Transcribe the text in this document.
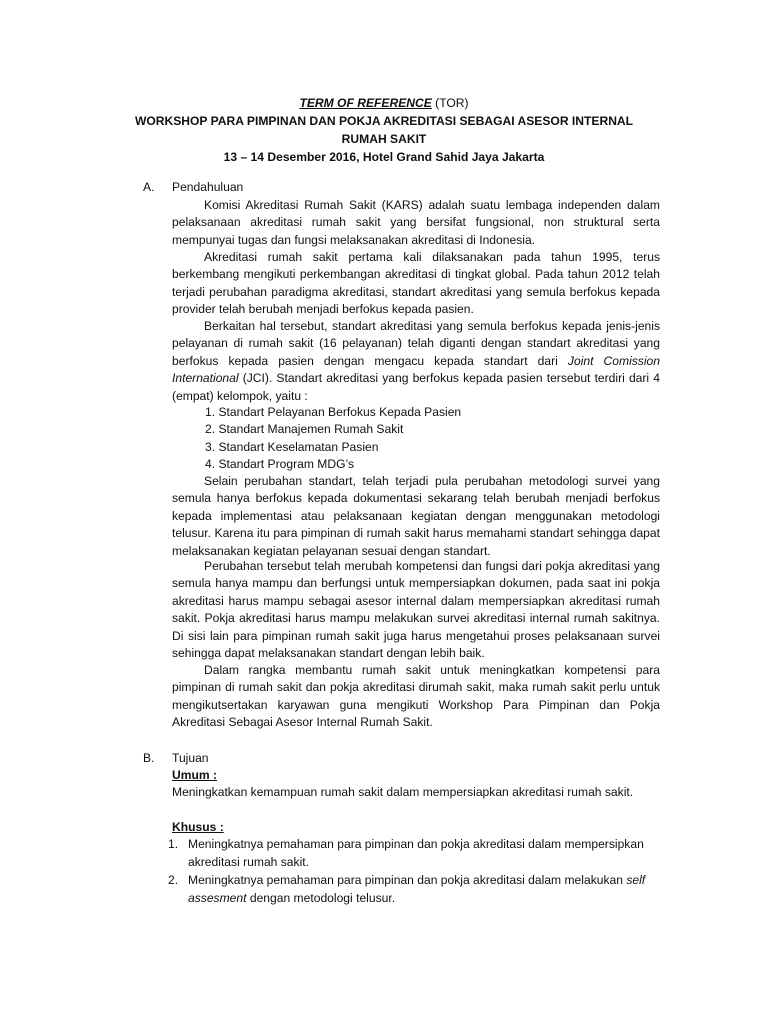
TERM OF REFERENCE (TOR)
WORKSHOP PARA PIMPINAN DAN POKJA AKREDITASI SEBAGAI ASESOR INTERNAL
RUMAH SAKIT
13 – 14 Desember 2016, Hotel Grand Sahid Jaya Jakarta
A. Pendahuluan
Komisi Akreditasi Rumah Sakit (KARS) adalah suatu lembaga independen dalam pelaksanaan akreditasi rumah sakit yang bersifat fungsional, non struktural serta mempunyai tugas dan fungsi melaksanakan akreditasi di Indonesia.
Akreditasi rumah sakit pertama kali dilaksanakan pada tahun 1995, terus berkembang mengikuti perkembangan akreditasi di tingkat global. Pada tahun 2012 telah terjadi perubahan paradigma akreditasi, standart akreditasi yang semula berfokus kepada provider telah berubah menjadi berfokus kepada pasien.
Berkaitan hal tersebut, standart akreditasi yang semula berfokus kepada jenis-jenis pelayanan di rumah sakit (16 pelayanan) telah diganti dengan standart akreditasi yang berfokus kepada pasien dengan mengacu kepada standart dari Joint Comission International (JCI). Standart akreditasi yang berfokus kepada pasien tersebut terdiri dari 4 (empat) kelompok, yaitu :
1. Standart Pelayanan Berfokus Kepada Pasien
2. Standart Manajemen Rumah Sakit
3. Standart Keselamatan Pasien
4. Standart Program MDG’s
Selain perubahan standart, telah terjadi pula perubahan metodologi survei yang semula hanya berfokus kepada dokumentasi sekarang telah berubah menjadi berfokus kepada implementasi atau pelaksanaan kegiatan dengan menggunakan metodologi telusur. Karena itu para pimpinan di rumah sakit harus memahami standart sehingga dapat melaksanakan kegiatan pelayanan sesuai dengan standart.
Perubahan tersebut telah merubah kompetensi dan fungsi dari pokja akreditasi yang semula hanya mampu dan berfungsi untuk mempersiapkan dokumen, pada saat ini pokja akreditasi harus mampu sebagai asesor internal dalam mempersiapkan akreditasi rumah sakit. Pokja akreditasi harus mampu melakukan survei akreditasi internal rumah sakitnya. Di sisi lain para pimpinan rumah sakit juga harus mengetahui proses pelaksanaan survei sehingga dapat melaksanakan standart dengan lebih baik.
Dalam rangka membantu rumah sakit untuk meningkatkan kompetensi para pimpinan di rumah sakit dan pokja akreditasi dirumah sakit, maka rumah sakit perlu untuk mengikutsertakan karyawan guna mengikuti Workshop Para Pimpinan dan Pokja Akreditasi Sebagai Asesor Internal Rumah Sakit.
B. Tujuan
Umum :
Meningkatkan kemampuan rumah sakit dalam mempersiapkan akreditasi rumah sakit.
Khusus :
1. Meningkatnya pemahaman para pimpinan dan pokja akreditasi dalam mempersipkan
akreditasi rumah sakit.
2. Meningkatnya pemahaman para pimpinan dan pokja akreditasi dalam melakukan self
assesment dengan metodologi telusur.
